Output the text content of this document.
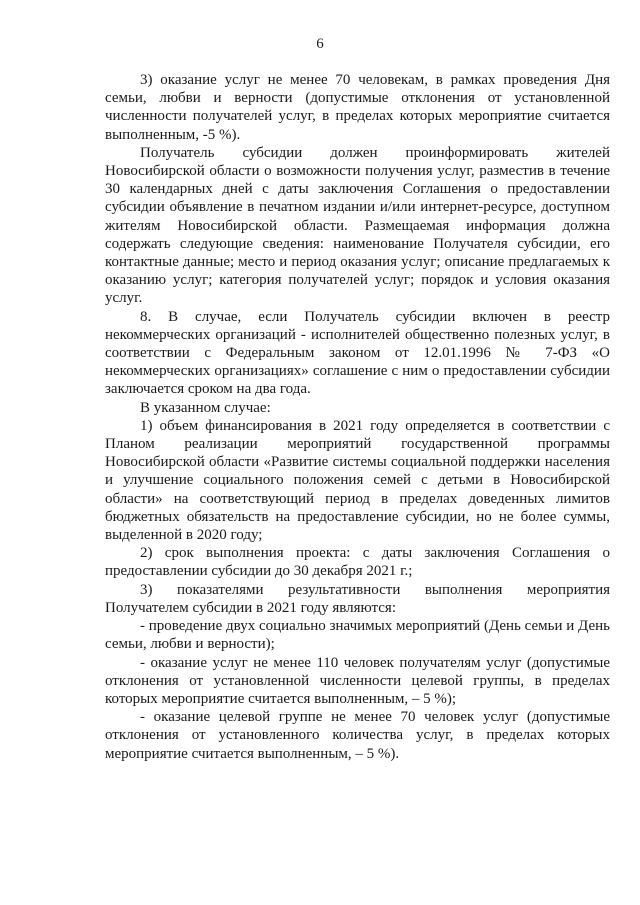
6

3) оказание услуг не менее 70 человекам, в рамках проведения Дня семьи, любви и верности (допустимые отклонения от установленной численности получателей услуг, в пределах которых мероприятие считается выполненным, -5 %).

Получатель субсидии должен проинформировать жителей Новосибирской области о возможности получения услуг, разместив в течение 30 календарных дней с даты заключения Соглашения о предоставлении субсидии объявление в печатном издании и/или интернет-ресурсе, доступном жителям Новосибирской области. Размещаемая информация должна содержать следующие сведения: наименование Получателя субсидии, его контактные данные; место и период оказания услуг; описание предлагаемых к оказанию услуг; категория получателей услуг; порядок и условия оказания услуг.

8. В случае, если Получатель субсидии включен в реестр некоммерческих организаций - исполнителей общественно полезных услуг, в соответствии с Федеральным законом от 12.01.1996 № 7-ФЗ «О некоммерческих организациях» соглашение с ним о предоставлении субсидии заключается сроком на два года.

В указанном случае:

1) объем финансирования в 2021 году определяется в соответствии с Планом реализации мероприятий государственной программы Новосибирской области «Развитие системы социальной поддержки населения и улучшение социального положения семей с детьми в Новосибирской области» на соответствующий период в пределах доведенных лимитов бюджетных обязательств на предоставление субсидии, но не более суммы, выделенной в 2020 году;

2) срок выполнения проекта: с даты заключения Соглашения о предоставлении субсидии до 30 декабря 2021 г.;

3) показателями результативности выполнения мероприятия Получателем субсидии в 2021 году являются:

- проведение двух социально значимых мероприятий (День семьи и День семьи, любви и верности);

- оказание услуг не менее 110 человек получателям услуг (допустимые отклонения от установленной численности целевой группы, в пределах которых мероприятие считается выполненным, – 5 %);

- оказание целевой группе не менее 70 человек услуг (допустимые отклонения от установленного количества услуг, в пределах которых мероприятие считается выполненным, – 5 %).
